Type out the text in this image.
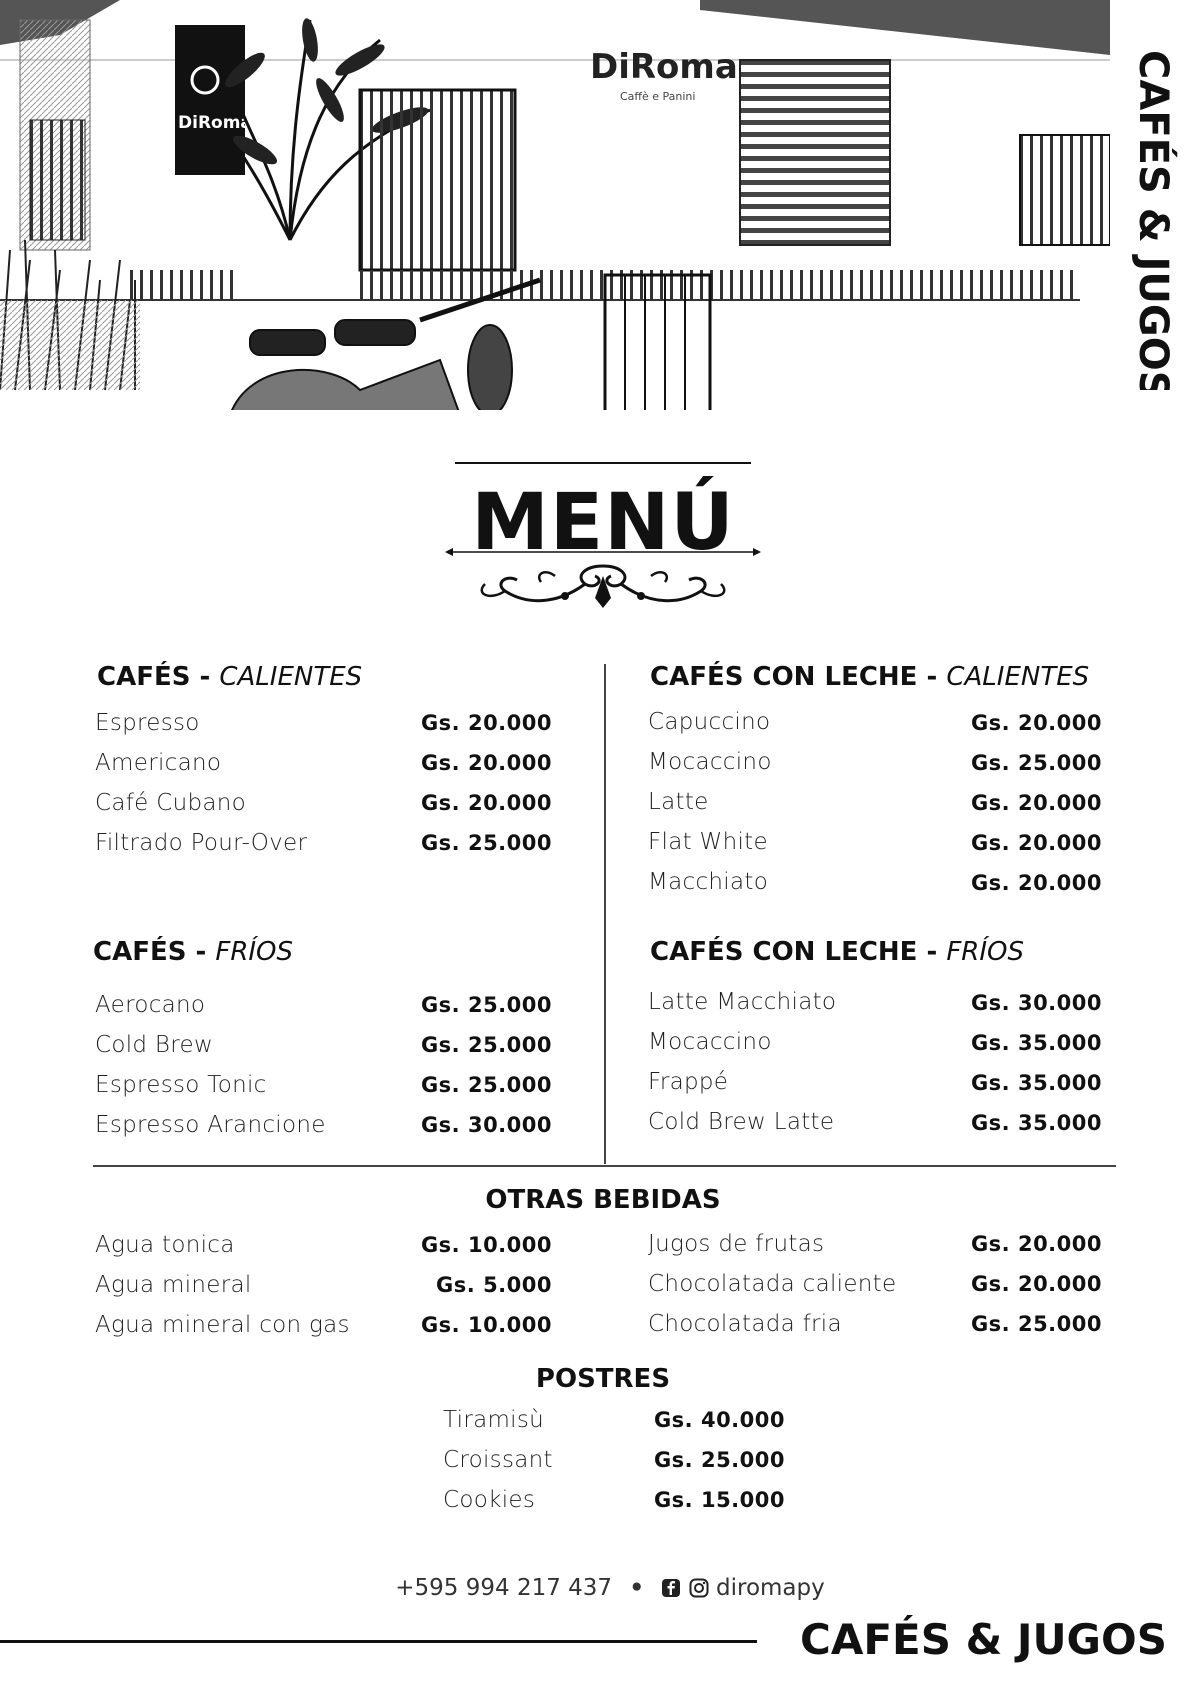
DiRoma
DiRoma
Caffè e Panini	CAFÉS & JUGOS
MENÚ
CAFÉS - CALIENTES
Espresso	Gs. 20.000
Americano	Gs. 20.000
Café Cubano	Gs. 20.000
Filtrado Pour-Over	Gs. 25.000
CAFÉS - FRÍOS
Aerocano	Gs. 25.000
Cold Brew	Gs. 25.000
Espresso Tonic	Gs. 25.000
Espresso Arancione	Gs. 30.000
CAFÉS CON LECHE - CALIENTES
Capuccino	Gs. 20.000
Mocaccino	Gs. 25.000
Latte	Gs. 20.000
Flat White	Gs. 20.000
Macchiato	Gs. 20.000
CAFÉS CON LECHE - FRÍOS
Latte Macchiato	Gs. 30.000
Mocaccino	Gs. 35.000
Frappé	Gs. 35.000
Cold Brew Latte	Gs. 35.000
OTRAS BEBIDAS
Agua tonica	Gs. 10.000
Agua mineral	Gs. 5.000
Agua mineral con gas	Gs. 10.000
Jugos de frutas	Gs. 20.000
Chocolatada caliente	Gs. 20.000
Chocolatada fria	Gs. 25.000
POSTRES
Tiramisù	Gs. 40.000
Croissant	Gs. 25.000
Cookies	Gs. 15.000
+595 994 217 437 •	diromapy
CAFÉS & JUGOS
